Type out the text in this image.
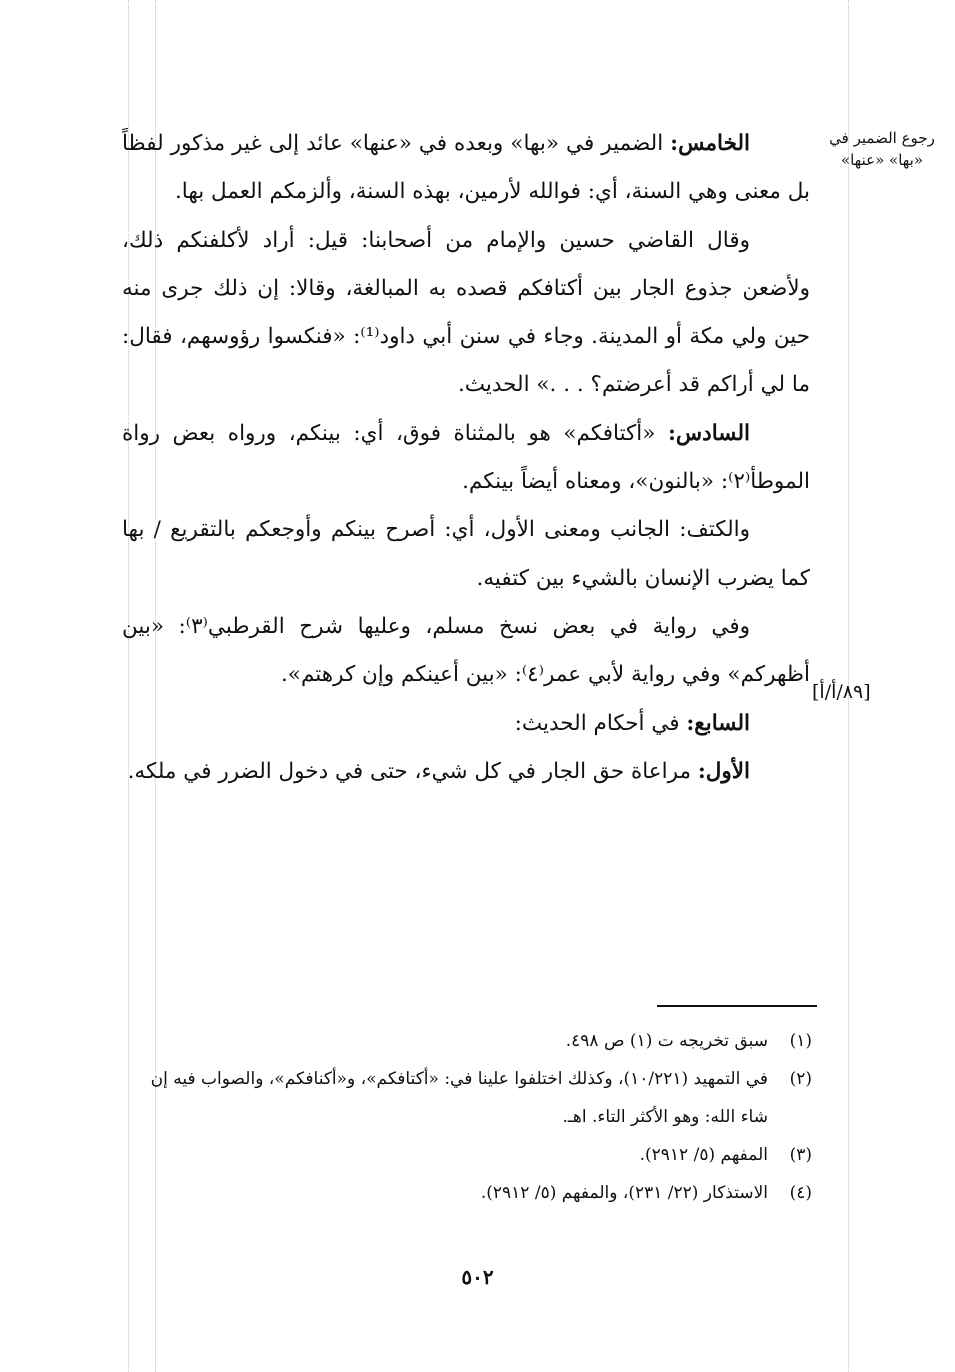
رجوع الضمير في «بها» «عنها»
[٨٩/أ/أ]

الخامس: الضمير في «بها» وبعده في «عنها» عائد إلى غير مذكور لفظاً بل معنى وهي السنة، أي: فوالله لأرمين، بهذه السنة، وألزمكم العمل بها.

وقال القاضي حسين والإمام من أصحابنا: قيل: أراد لأكلفنكم ذلك، ولأضعن جذوع الجار بين أكتافكم قصده به المبالغة، وقالا: إن ذلك جرى منه حين ولي مكة أو المدينة. وجاء في سنن أبي داود⁽¹⁾: «فنكسوا رؤوسهم، فقال: ما لي أراكم قد أعرضتم؟ . . .» الحديث.

السادس: «أكتافكم» هو بالمثناة فوق، أي: بينكم، ورواه بعض رواة الموطأ⁽٢⁾: «بالنون»، ومعناه أيضاً بينكم.

والكتف: الجانب ومعنى الأول، أي: أصرح بينكم وأوجعكم بالتقريع / بها كما يضرب الإنسان بالشيء بين كتفيه.

وفي رواية في بعض نسخ مسلم، وعليها شرح القرطبي⁽٣⁾: «بين أظهركم» وفي رواية لأبي عمر⁽٤⁾: «بين أعينكم وإن كرهتم».

السابع: في أحكام الحديث:

الأول: مراعاة حق الجار في كل شيء، حتى في دخول الضرر في ملكه.

(١)
سبق تخريجه ت (١) ص ٤٩٨.
(٢)
في التمهيد (١٠/٢٢١)، وكذلك اختلفوا علينا في: «أكتافكم»، و«أكنافكم»، والصواب فيه إن شاء الله: وهو الأكثر التاء. اهـ.
(٣)
المفهم (٥/ ٢٩١٢).
(٤)
الاستذكار (٢٢/ ٢٣١)، والمفهم (٥/ ٢٩١٢).
٥٠٢
